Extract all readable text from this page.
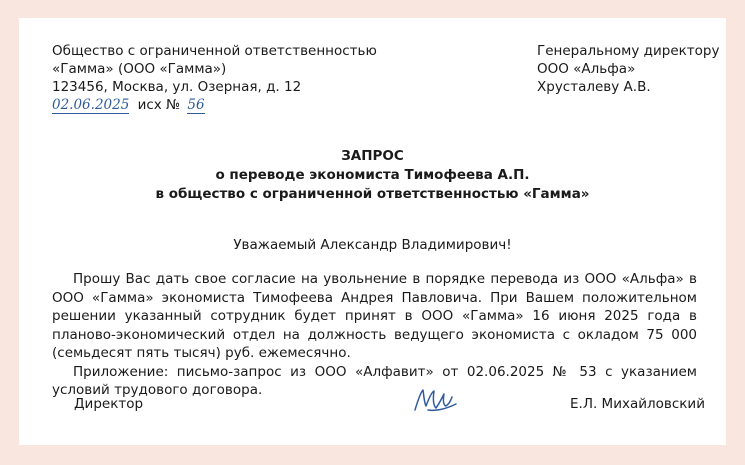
Общество с ограниченной ответственностью
«Гамма» (ООО «Гамма»)
123456, Москва, ул. Озерная, д. 12
02.06.2025 исх № 56
Генеральному директору
ООО «Альфа»
Хрусталеву А.В.
ЗАПРОС
о переводе экономиста Тимофеева А.П.
в общество с ограниченной ответственностью «Гамма»
Уважаемый Александр Владимирович!

Прошу Вас дать свое согласие на увольнение в порядке перевода из ООО «Альфа» в ООО «Гамма» экономиста Тимофеева Андрея Павловича. При Вашем положительном решении указанный сотрудник будет принят в ООО «Гамма» 16 июня 2025 года в планово-экономический отдел на должность ведущего экономиста с окладом 75 000 (семьдесят пять тысяч) руб. ежемесячно.

Приложение: письмо-запрос из ООО «Алфавит» от 02.06.2025 № 53 с указанием условий трудового договора.

Директор	Е.Л. Михайловский
